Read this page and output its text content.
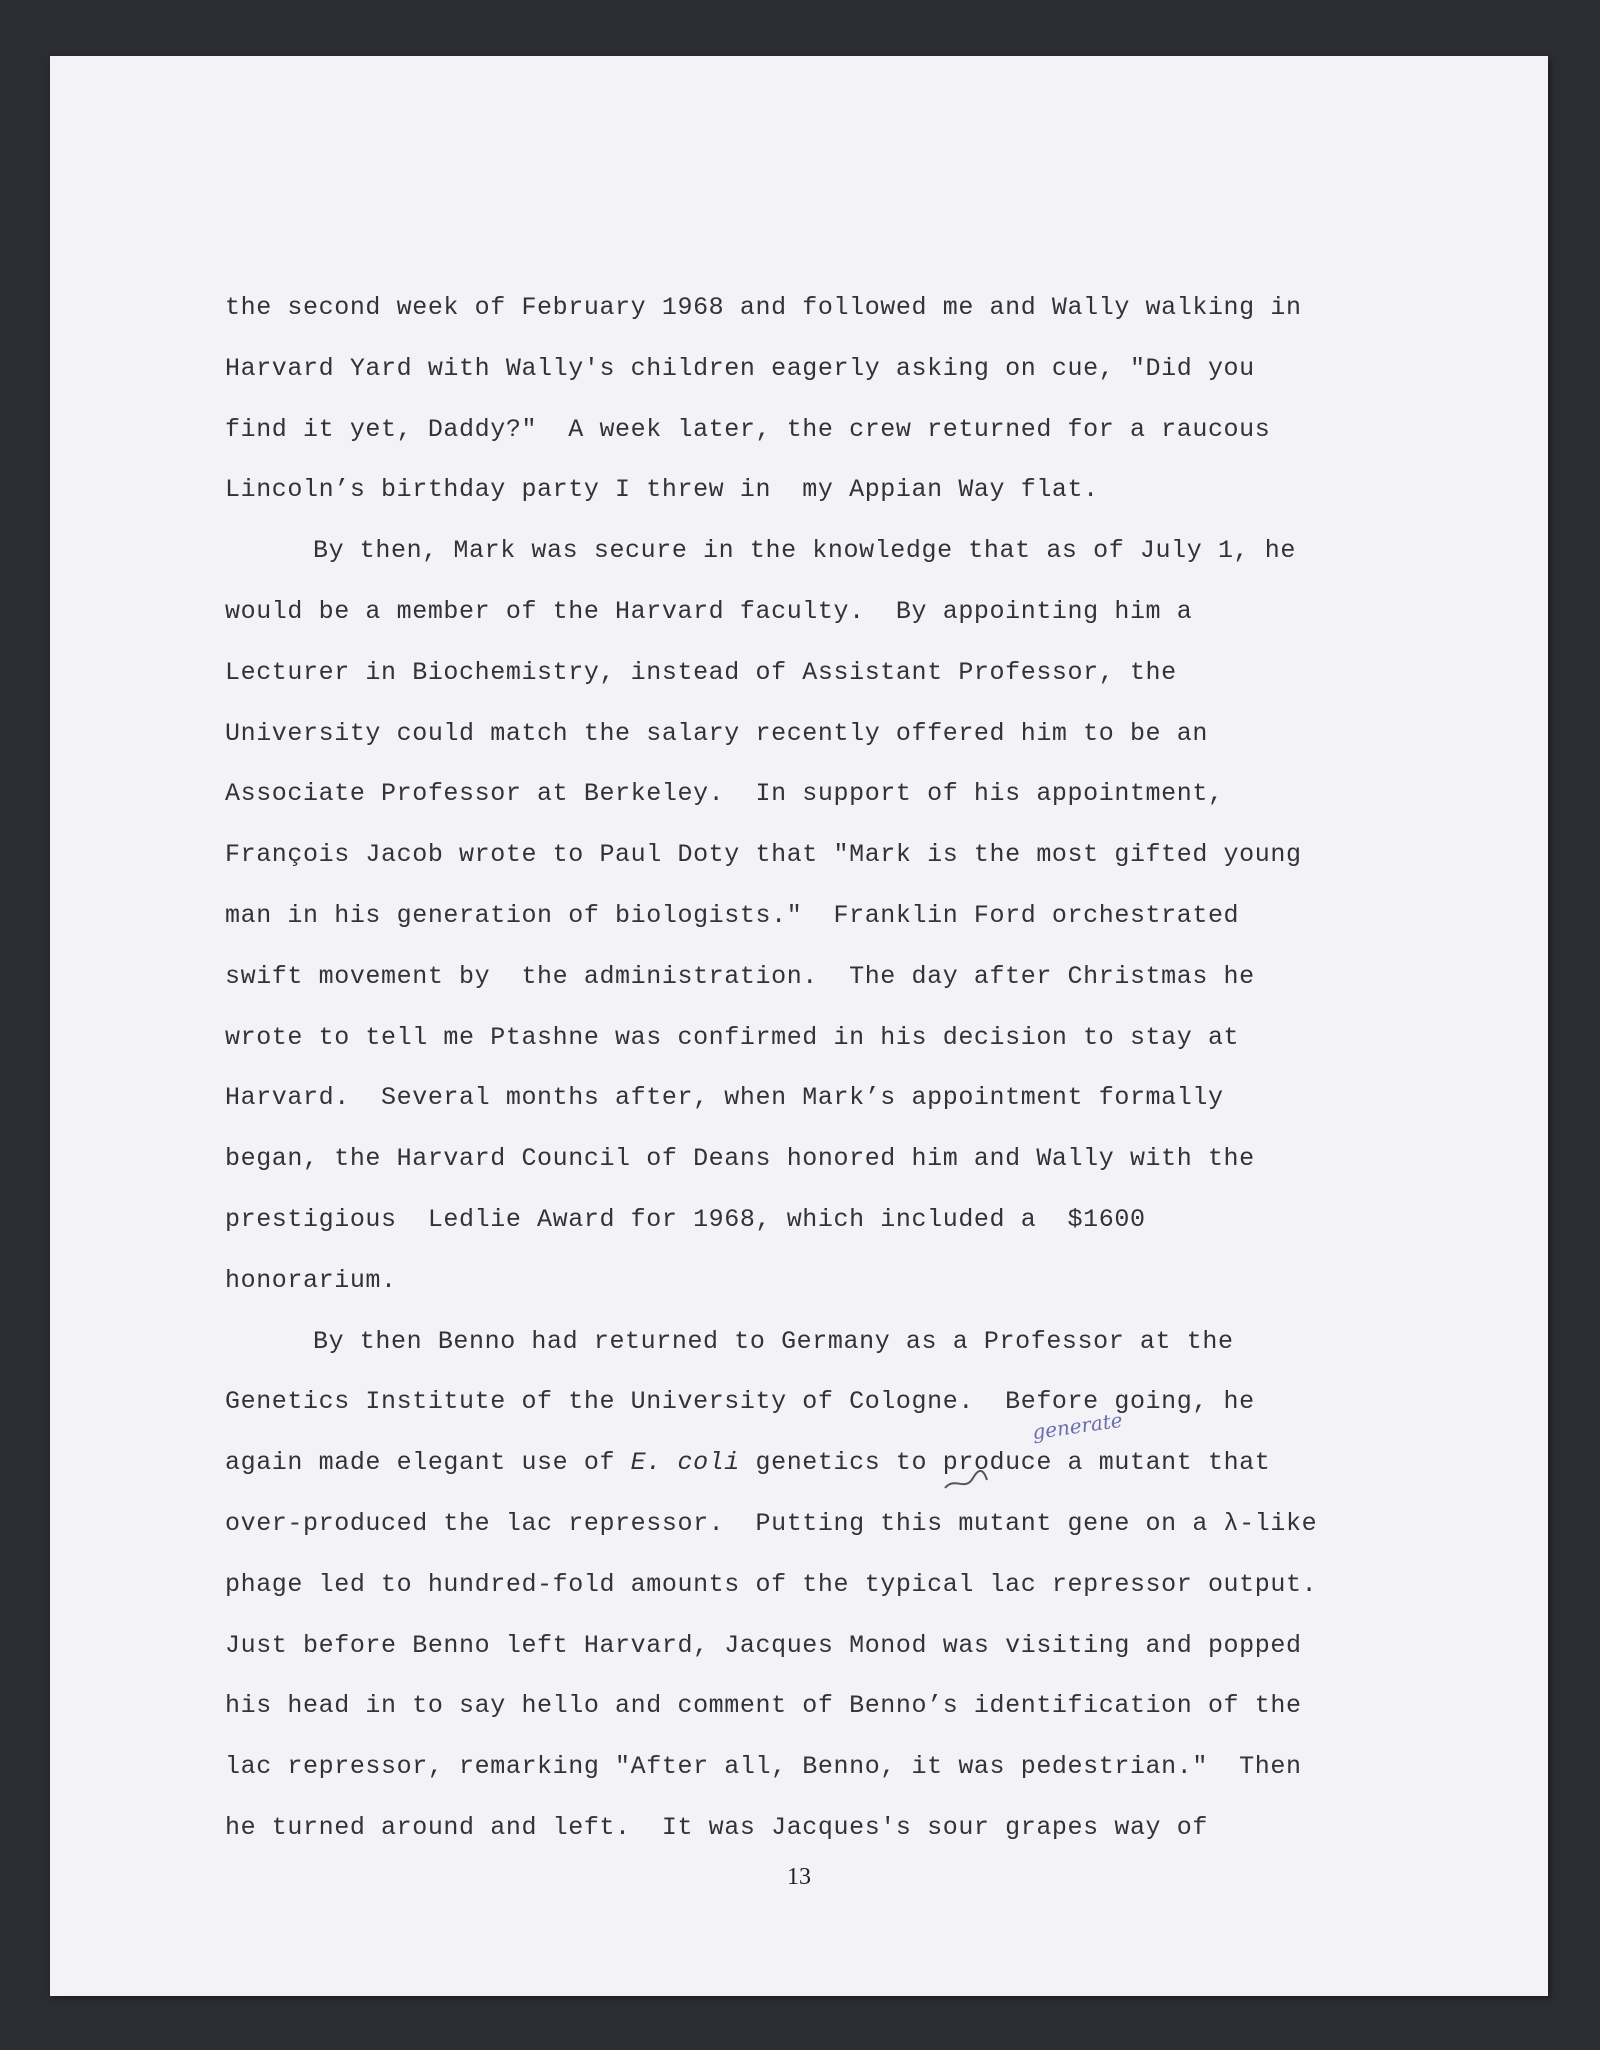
the second week of February 1968 and followed me and Wally walking in
Harvard Yard with Wally's children eagerly asking on cue, "Did you
find it yet, Daddy?"  A week later, the crew returned for a raucous
Lincoln’s birthday party I threw in  my Appian Way flat.
By then, Mark was secure in the knowledge that as of July 1, he
would be a member of the Harvard faculty.  By appointing him a
Lecturer in Biochemistry, instead of Assistant Professor, the
University could match the salary recently offered him to be an
Associate Professor at Berkeley.  In support of his appointment,
François Jacob wrote to Paul Doty that "Mark is the most gifted young
man in his generation of biologists."  Franklin Ford orchestrated
swift movement by  the administration.  The day after Christmas he
wrote to tell me Ptashne was confirmed in his decision to stay at
Harvard.  Several months after, when Mark’s appointment formally
began, the Harvard Council of Deans honored him and Wally with the
prestigious  Ledlie Award for 1968, which included a  $1600
honorarium.
By then Benno had returned to Germany as a Professor at the
Genetics Institute of the University of Cologne.  Before going, he
again made elegant use of E. coli genetics to pro
duce a mutant that
over-produced the lac repressor.  Putting this mutant gene on a λ-like
phage led to hundred-fold amounts of the typical lac repressor output.
Just before Benno left Harvard, Jacques Monod was visiting and popped
his head in to say hello and comment of Benno’s identification of the
lac repressor, remarking "After all, Benno, it was pedestrian."  Then
he turned around and left.  It was Jacques's sour grapes way of
generate
13
